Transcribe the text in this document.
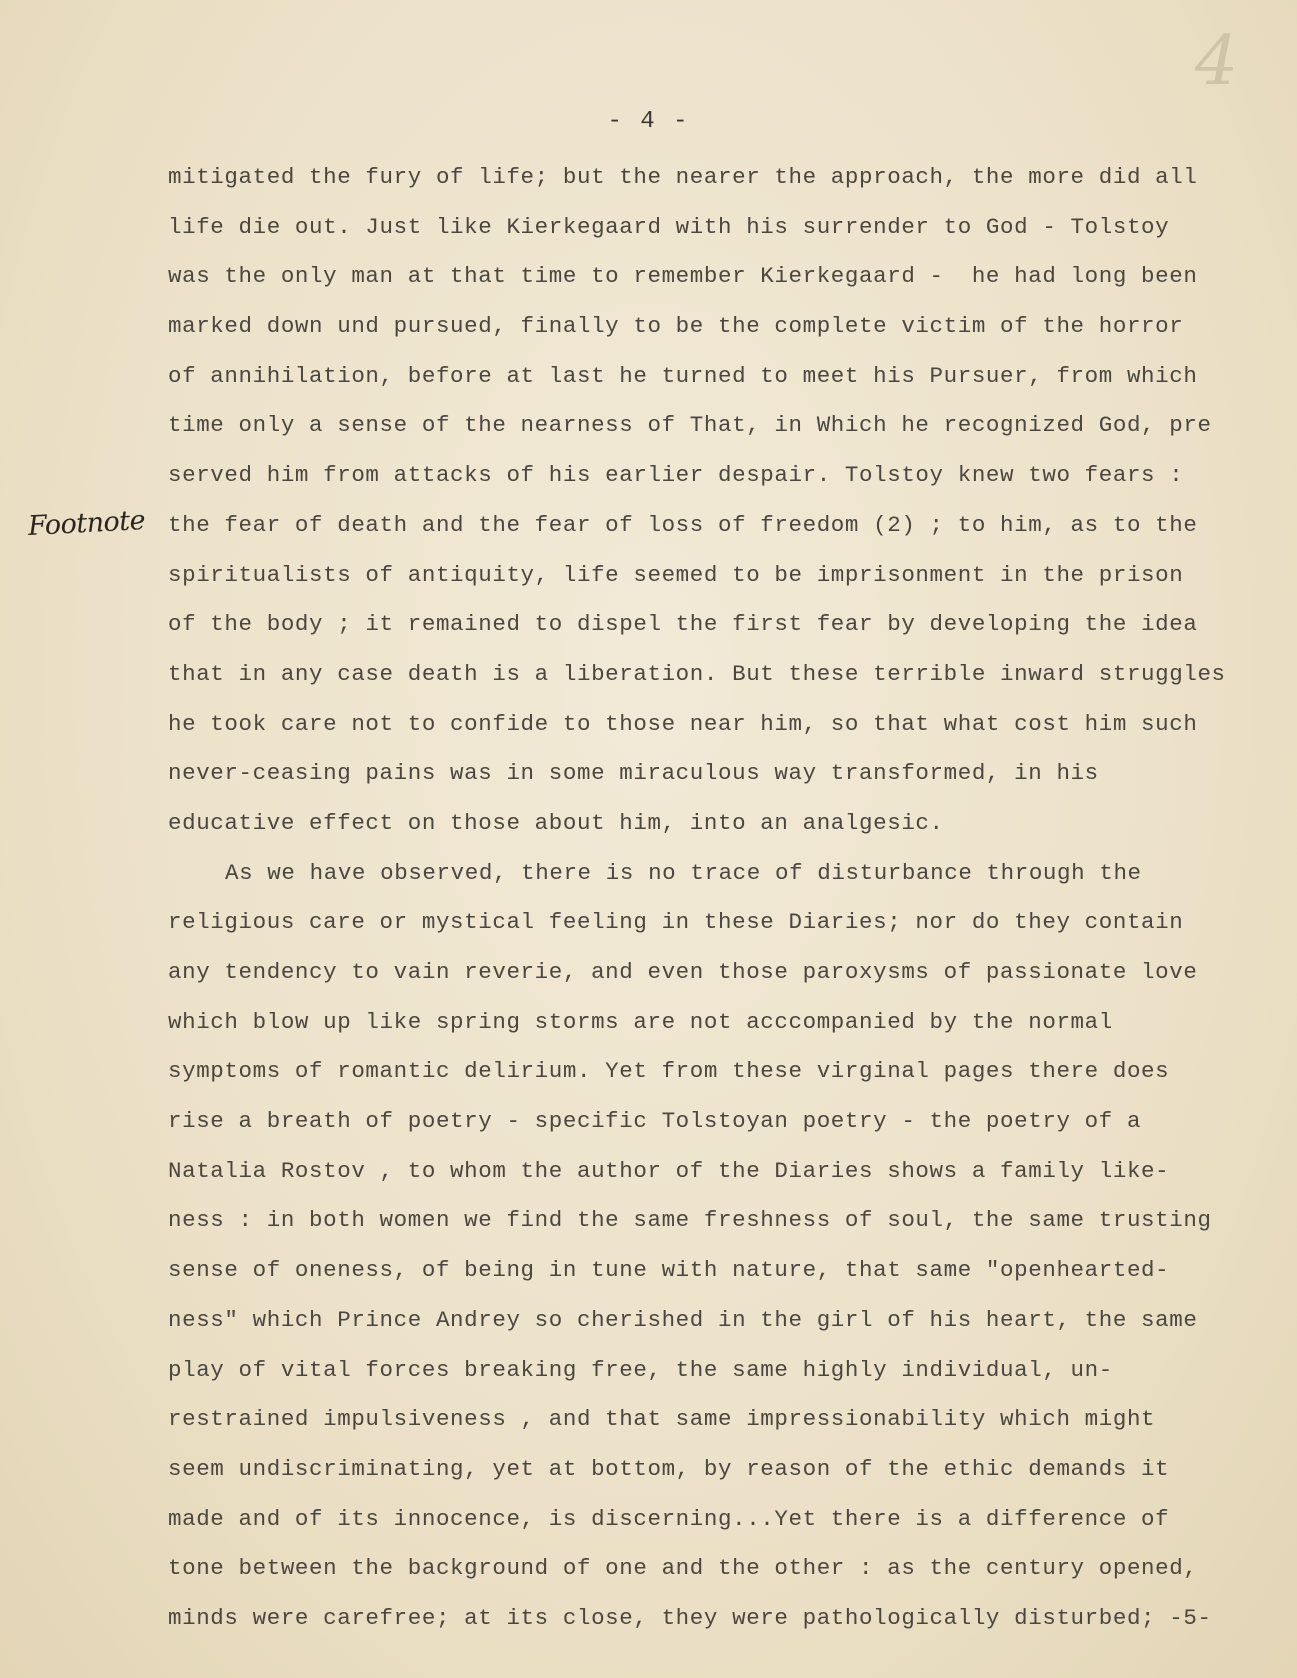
4
- 4 -
Footnote
mitigated the fury of life; but the nearer the approach, the more did all
life die out. Just like Kierkegaard with his surrender to God - Tolstoy
was the only man at that time to remember Kierkegaard -  he had long been
marked down und pursued, finally to be the complete victim of the horror
of annihilation, before at last he turned to meet his Pursuer, from which
time only a sense of the nearness of That, in Which he recognized God, pre
served him from attacks of his earlier despair. Tolstoy knew two fears :
the fear of death and the fear of loss of freedom (2) ; to him, as to the
spiritualists of antiquity, life seemed to be imprisonment in the prison
of the body ; it remained to dispel the first fear by developing the idea
that in any case death is a liberation. But these terrible inward struggles
he took care not to confide to those near him, so that what cost him such
never-ceasing pains was in some miraculous way transformed, in his
educative effect on those about him, into an analgesic.
As we have observed, there is no trace of disturbance through the
religious care or mystical feeling in these Diaries; nor do they contain
any tendency to vain reverie, and even those paroxysms of passionate love
which blow up like spring storms are not acccompanied by the normal
symptoms of romantic delirium. Yet from these virginal pages there does
rise a breath of poetry - specific Tolstoyan poetry - the poetry of a
Natalia Rostov , to whom the author of the Diaries shows a family like-
ness : in both women we find the same freshness of soul, the same trusting
sense of oneness, of being in tune with nature, that same "openhearted-
ness" which Prince Andrey so cherished in the girl of his heart, the same
play of vital forces breaking free, the same highly individual, un-
restrained impulsiveness , and that same impressionability which might
seem undiscriminating, yet at bottom, by reason of the ethic demands it
made and of its innocence, is discerning...Yet there is a difference of
tone between the background of one and the other : as the century opened,
minds were carefree; at its close, they were pathologically disturbed; -5-
